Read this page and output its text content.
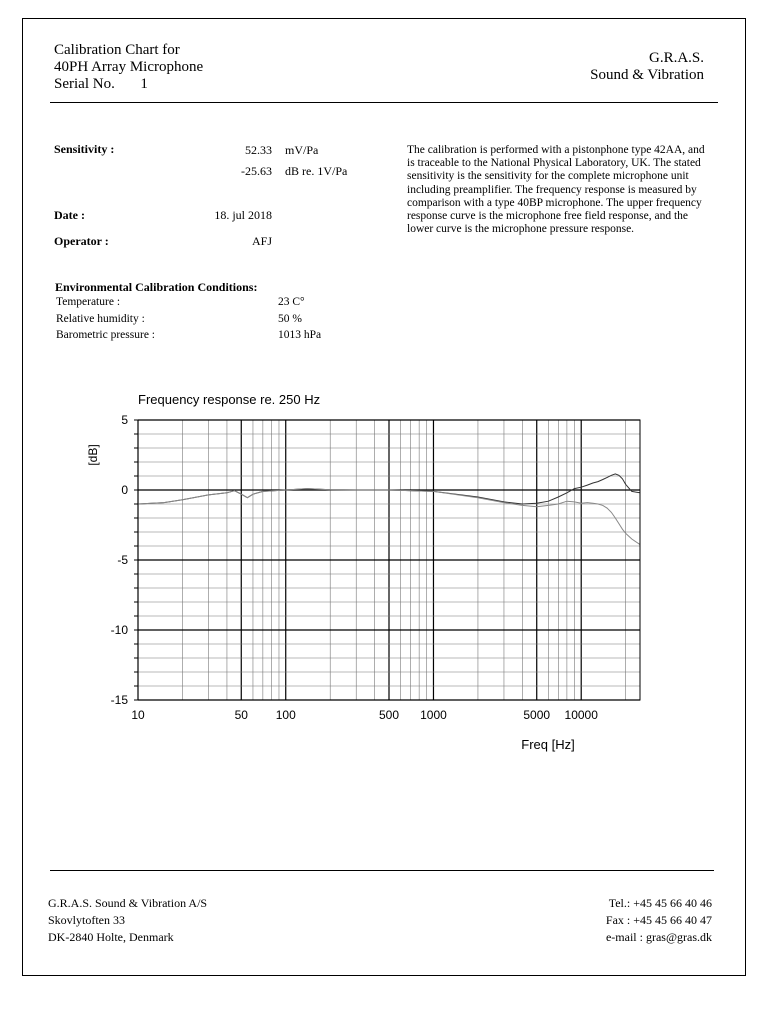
Calibration Chart for
40PH Array Microphone
Serial No. 1
G.R.A.S.
Sound & Vibration
Sensitivity :	52.33 mV/Pa
-25.63 dB re. 1V/Pa
Date :	18. jul 2018
Operator :	AFJ
The calibration is performed with a pistonphone type 42AA, and is traceable to the National Physical Laboratory, UK. The stated sensitivity is the sensitivity for the complete microphone unit including preamplifier. The frequency response is measured by comparison with a type 40BP microphone. The upper frequency response curve is the microphone free field response, and the lower curve is the microphone pressure response.
Environmental Calibration Conditions:
Temperature :	23 C°
Relative humidity :	50 %
Barometric pressure :	1013 hPa
Frequency response re. 250 Hz
[dB]
Freq [Hz]
10	50 100	500 1000	5000 10000
5
0
-5
-10
-15
G.R.A.S. Sound & Vibration A/S
Skovlytoften 33
DK-2840 Holte, Denmark
Tel.: +45 45 66 40 46
Fax : +45 45 66 40 47
e-mail : gras@gras.dk
